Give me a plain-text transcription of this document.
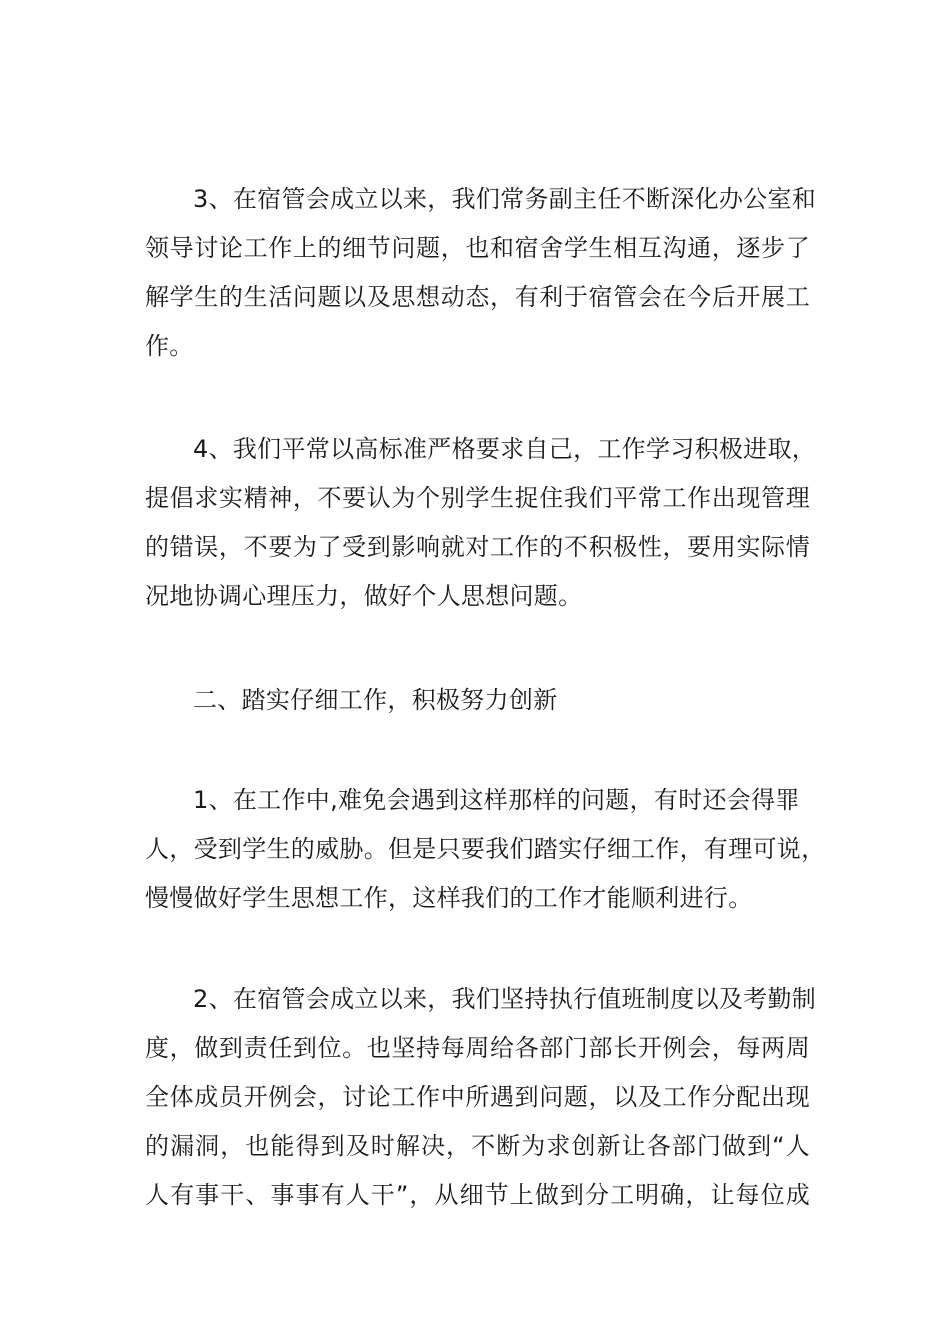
3、在宿管会成立以来，我们常务副主任不断深化办公室和
领导讨论工作上的细节问题，也和宿舍学生相互沟通，逐步了
解学生的生活问题以及思想动态，有利于宿管会在今后开展工
作。
4、我们平常以高标准严格要求自己，工作学习积极进取，
提倡求实精神，不要认为个别学生捉住我们平常工作出现管理
的错误，不要为了受到影响就对工作的不积极性，要用实际情
况地协调心理压力，做好个人思想问题。
二、踏实仔细工作，积极努力创新
1、在工作中,难免会遇到这样那样的问题，有时还会得罪
人，受到学生的威胁。但是只要我们踏实仔细工作，有理可说，
慢慢做好学生思想工作，这样我们的工作才能顺利进行。
2、在宿管会成立以来，我们坚持执行值班制度以及考勤制
度，做到责任到位。也坚持每周给各部门部长开例会，每两周
全体成员开例会，讨论工作中所遇到问题，以及工作分配出现
的漏洞，也能得到及时解决，不断为求创新让各部门做到“人
人有事干、事事有人干”，从细节上做到分工明确，让每位成
